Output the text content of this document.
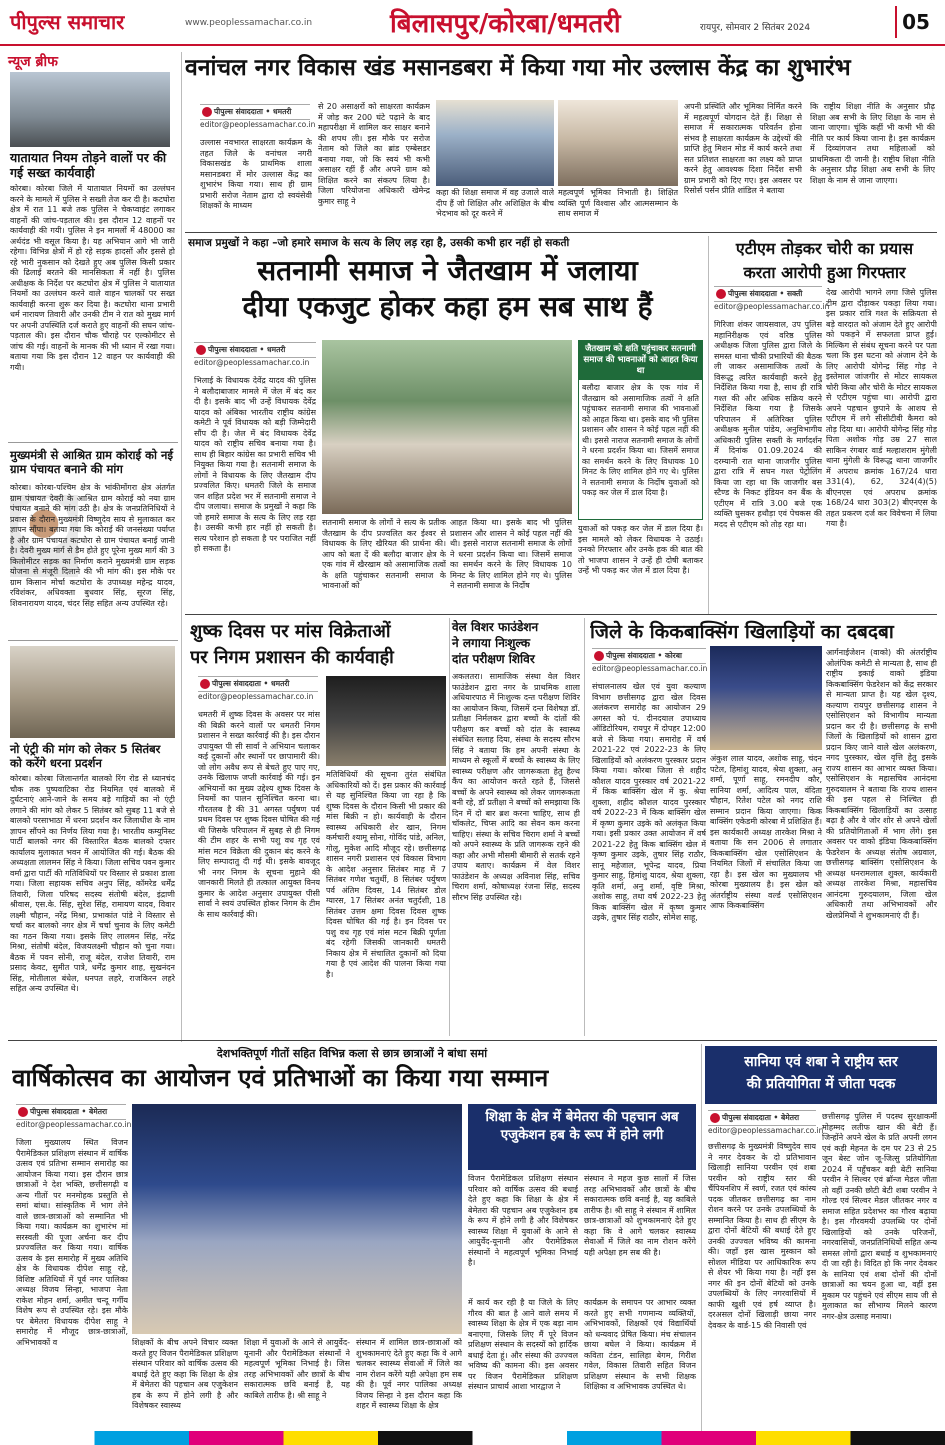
पीपुल्स समाचार	www.peoplessamachar.co.in	बिलासपुर/कोरबा/धमतरी	रायपुर, सोमवार 2 सितंबर 2024	05
न्यूज ब्रीफ
यातायात नियम तोड़ने वालों पर की गई सख्त कार्यवाही
कोरबा। कोरबा जिले में यातायात नियमों का उल्लंघन करने के मामले में पुलिस ने सख्ती तेज कर दी है। कटघोरा क्षेत्र में रात 11 बजे तक पुलिस ने चेकप्वाइंट लगाकर वाहनों की जांच-पड़ताल की। इस दौरान 12 वाहनों पर कार्यवाही की गयी। पुलिस ने इन मामलों में 48000 का अर्थदंड भी वसूल किया है। यह अभियान आगे भी जारी रहेगा। विभिन्न क्षेत्रों में हो रहे सड़क हादसों और इससे हो रहे भारी नुकसान को देखते हुए अब पुलिस किसी प्रकार की ढिलाई बरतने की मानसिकता में नहीं है। पुलिस अधीक्षक के निर्देश पर कटघोरा क्षेत्र में पुलिस ने यातायात नियमों का उल्लंघन करने वाले वाहन चालकों पर सख्त कार्यवाही करना शुरू कर दिया है। कटघोरा थाना प्रभारी धर्म नारायण तिवारी और उनकी टीम ने रात को मुख्य मार्ग पर अपनी उपस्थिति दर्ज कराते हुए वाहनों की सघन जांच-पड़ताल की। इस दौरान चौक चौराहे पर एल्कोमीटर से जांच की गई। वाहनों के मानक की भी ध्यान में रखा गया। बताया गया कि इस दौरान 12 वाहन पर कार्यवाही की गयी।
मुख्यमंत्री से आश्रित ग्राम कोराई को नई ग्राम पंचायत बनाने की मांग
कोरबा। कोरबा-पश्चिम क्षेत्र के भांकीमोंगरा क्षेत्र अंतर्गत ग्राम पंचायत देवरी के आश्रित ग्राम कोराई को नया ग्राम पंचायत बनाने की मांग उठी है। क्षेत्र के जनप्रतिनिधियों ने प्रवास के दौरान मुख्यमंत्री विष्णुदेव साय से मुलाकात कर ज्ञापन सौंपा। बताया गया कि कोराई की जनसंख्या पर्याप्त है और ग्राम पंचायत कटघोरा से ग्राम पंचायत बनाई जानी है। देवरी मुख्य मार्ग से डैम होते हुए पूरेना मुख्य मार्ग की 3 किलोमीटर सड़क का निर्माण कराने मुख्यमंत्री ग्राम सड़क योजना से मंजूरी दिलाने की भी मांग की। इस मौके पर ग्राम किसान मोर्चा कटघोरा के उपाध्यक्ष महेन्द्र यादव, रविशंकर, अधिवक्ता बुधवार सिंह, सूरज सिंह, शिवनारायण यादव, चंदर सिंह सहित अन्य उपस्थित रहे।
नो एंट्री की मांग को लेकर 5 सितंबर को करेंगे धरना प्रदर्शन
कोरबा। कोरबा जिलान्तर्गत बालको रिंग रोड से ध्यानचंद चौक तक पुष्पवाटिका रोड नियमित एवं बालको में दुर्घटनाएं आने-जाने के समय बड़े गाड़ियों का नो एंट्री लगाने की मांग को लेकर 5 सितंबर को सुबह 11 बजे से बालको परसाभाठा में धरना प्रदर्शन कर जिलाधीश के नाम ज्ञापन सौंपने का निर्णय लिया गया है। भारतीय कम्युनिस्ट पार्टी बालको नगर की विस्तारित बैठक बालको दफ्तर कार्यालय मुलाकात भवन में आयोजित की गई। बैठक की अध्यक्षता लालमन सिंह ने किया। जिला सचिव पवन कुमार वर्मा द्वारा पार्टी की गतिविधियों पर विस्तार से प्रकाश डाला गया। जिला सहायक सचिव अनुप सिंह, कॉमरेड धर्मेंद्र तिवारी, जिला परिषद सदस्य संतोषी बंदेल, इंद्राणी श्रीवास, एस.के. सिंह, सुरेश सिंह, रामायण यादव, विवार लक्ष्मी चौहान, नरेंद्र मिश्रा, प्रभाकांत पांडे ने विस्तार से चर्चा कर बालको नगर क्षेत्र में चर्चा चुनाव के लिए कमेटी का गठन किया गया। इसके लिए लालमन सिंह, नरेंद्र मिश्रा, संतोषी बंदेल, विजयलक्ष्मी चौहान को चुना गया। बैठक में पवन सोनी, राजू बंदेल, राजेश तिवारी, राम प्रसाद केवट, सुमीत पात्रे, धर्मेंद्र कुमार शाह, सुखनंदन सिंह, मोतीलाल बंधेल, धनपत लहरे, राजकिरन लहरे सहित अन्य उपस्थित थे।
वनांचल नगर विकास खंड मसानडबरा में किया गया मोर उल्लास केंद्र का शुभारंभ
पीपुल्स संवाददाता • धमतरी
editor@peoplessamachar.co.in
उल्लास नवभारत साक्षरता कार्यक्रम के तहत जिले के वनांचल नगरी विकासखंड के प्राथमिक शाला मसानडबरा में मोर उल्लास केंद्र का शुभारंभ किया गया। साथ ही ग्राम प्रभारी सरोज नेताम द्वारा दो स्वयंसेवी शिक्षकों के माध्यम
से 20 असाक्षरों को साक्षरता कार्यक्रम में जोड़ कर 200 घंटे पढ़ाने के बाद महापरीक्षा में शामिल कर साक्षर बनाने की शपथ ली। इस मौके पर सरोज नेताम को जिले का ब्रांड एम्बेसडर बनाया गया, जो कि स्वयं भी कभी असाक्षर रहीं हैं और अपने ग्राम को शिक्षित करने का संकल्प लिया है। जिला परियोजना अधिकारी खेमेन्द्र कुमार साहू ने
कहा की शिक्षा समाज में वह उजाले वाले दीप हैं जो शिक्षित और अशिक्षित के बीच भेदभाव को दूर करने में
महत्वपूर्ण भूमिका निभाती है। शिक्षित व्यक्ति पूर्ण विश्वास और आत्मसम्मान के साथ समाज में
अपनी प्रस्थिति और भूमिका निर्मित करने में महत्वपूर्ण योगदान देते हैं। शिक्षा से समाज में सकारात्मक परिवर्तन होना संभव है साक्षरता कार्यक्रम के उद्देश्यों की प्राप्ति हेतु मिशन मोड में कार्य करने तथा सत प्रतिशत साक्षरता का लक्ष्य को प्राप्त करने हेतु आवश्यक दिशा निर्देश सभी ग्राम प्रभारी को दिए गए। इस अवसर पर रिसोर्स पर्सन प्रीति शांडिल ने बताया
कि राष्ट्रीय शिक्षा नीति के अनुसार प्रौढ़ शिक्षा अब सभी के लिए शिक्षा के नाम से जाना जाएगा। चूंकि कहीं भी कभी भी की नीति पर कार्य किया जाना है। इस कार्यक्रम में दिव्यांगजन तथा महिलाओं को प्राथमिकता दी जानी है। राष्ट्रीय शिक्षा नीति के अनुसार प्रौढ़ शिक्षा अब सभी के लिए शिक्षा के नाम से जाना जाएगा।
समाज प्रमुखों ने कहा –जो हमारे समाज के सत्य के लिए लड़ रहा है, उसकी कभी हार नहीं हो सकती
सतनामी समाज ने जैतखाम में जलाया
दीया एकजुट होकर कहा हम सब साथ हैं
पीपुल्स संवाददाता • धमतरी
editor@peoplessamachar.co.in
भिलाई के विधायक देवेंद्र यादव की पुलिस ने बलौदाबाजार मामले में जेल में बंद कर दी है। इसके बाद भी उन्हें विधायक देवेंद्र यादव को अंबिका भारतीय राष्ट्रीय कांग्रेस कमेटी ने पूर्व विधायक को बड़ी जिम्मेदारी सौंप दी है। जेल में बंद विधायक देवेंद्र यादव को राष्ट्रीय सचिव बनाया गया है। साथ ही बिहार कांग्रेस का प्रभारी सचिव भी नियुक्त किया गया है। सतनामी समाज के लोगों ने विधायक के लिए जैतखाम दीप प्रज्वलित किए। धमतरी जिले के समाज जन शहित प्रदेश भर में सतनामी समाज ने दीप जलाया। समाज के प्रमुखों ने कहा कि जो हमारे समाज के सत्य के लिए लड़ रहा है। उसकी कभी हार नहीं हो सकती है। सत्य परेशान हो सकता है पर पराजित नहीं हो सकता है।
सतनामी समाज के लोगों ने सत्य के प्रतीक जैतखाम के दीप प्रज्वलित कर ईश्वर से विधायक के लिए खैरियत की प्रार्थना की। आप को बता दें की बलौदा बाजार क्षेत्र के एक गांव में खैरखाम को असामाजिक तत्वों के क्षति पहुंचाकर सतनामी समाज के भावनाओं को
आहत किया था। इसके बाद भी पुलिस प्रशासन और शासन ने कोई पहल नहीं की थी। इससे नाराज सतनामी समाज के लोगों ने धरना प्रदर्शन किया था। जिसमें समाज का समर्थन करने के लिए विधायक 10 मिनट के लिए शामिल होने गए थे। पुलिस ने सतनामी समाज के निर्दोष
जैतखाम को क्षति पहुंचाकर सतनामी समाज की भावनाओं को आहत किया था
बलौदा बाजार क्षेत्र के एक गांव में जैतखाम को असामाजिक तत्वों ने क्षति पहुंचाकर सतनामी समाज की भावनाओं को आहत किया था। इसके बाद भी पुलिस प्रशासन और शासन ने कोई पहल नहीं की थी। इससे नाराज सतनामी समाज के लोगों ने धरना प्रदर्शन किया था। जिसमें समाज का समर्थन करने के लिए विधायक 10 मिनट के लिए शामिल होने गए थे। पुलिस ने सतनामी समाज के निर्दोष युवाओं को पकड़ कर जेल में डाल दिया है।
युवाओं को पकड़ कर जेल में डाल दिया है। इस मामले को लेकर विधायक ने उठाई। उनको गिरफ्तार और उनके हक की बात की तो भाजपा शासन ने उन्हें ही दोषी बताकर उन्हें भी पकड़ कर जेल में डाल दिया है।
एटीएम तोड़कर चोरी का प्रयास
करता आरोपी हुआ गिरफ्तार
पीपुल्स संवाददाता • सक्ती
editor@peoplessamachar.co.in
गिरिजा शंकर जायसवाल, उप पुलिस महानिरीक्षक एवं वरिष्ठ पुलिस अधीक्षक जिला पुलिस द्वारा जिले के समस्त थाना चौकी प्रभारियों की बैठक ली जाकर असामाजिक तत्वों के विरूद्ध त्वरित कार्यवाही करने हेतु निर्देशित किया गया है, साथ ही रात्रि गश्त की और अधिक सक्रिय करने निर्देशित किया गया है जिसके परिपालन में अतिरिक्त पुलिस अधीक्षक मुनील पांडेय, अनुविभागीय अधिकारी पुलिस सक्ती के मार्गदर्शन में दिनांक 01.09.2024 की दरम्यानी रात थाना जाजगीर पुलिस द्वारा रात्रि में सघन गश्त पेट्रोलिंग किया जा रहा था कि जाजगीर बस स्टैण्ड के निकट इंडियन वन बैंक के एटीएम में रात्रि 3.00 बजे एक व्यक्ति घुसकर हथौड़ा एवं पेचकस की मदद से एटीएम को तोड़ रहा था।
देख आरोपी भागने लगा जिसे पुलिस टीम द्वारा दौड़ाकर पकड़ा लिया गया। इस प्रकार रात्रि गश्त के सक्रियता से बड़े वारदात को अंजाम देते हुए आरोपी को पकड़ने में सफलता प्राप्त हुई। मिल्किग से संबंध सूचना करने पर पता चला कि इस घटना को अंजाम देने के लिए आरोपी योगेन्द्र सिंह गोड़ ने इस्तेमाल जांजगीर से मोटर सायकल चोरी किया और चोरी के मोटर सायकल से एटीएम पहुंचा था। आरोपी द्वारा अपने पहचान छुपाने के आशय से एटीएम में लगे सीसीटीवी कैमरा को तोड़ दिया था। आरोपी योगेन्द्र सिंह गोड़ पिता अशोक गोड़ उम्र 27 साल साकिन रंगबार वार्ड मल्हाशराम मुंगेली थाना मुंगेली के विरूद्ध थाना जाजगीर में अपराध क्रमांक 167/24 धारा 331(4), 62, 324(4)(5) बीएनएस एवं अपराध क्रमांक 168/24 धारा 303(2) बीएनएस के तहत प्रकरण दर्ज कर विवेचना में लिया गया है।
शुष्क दिवस पर मांस विक्रेताओं
पर निगम प्रशासन की कार्यवाही
पीपुल्स संवाददाता • धमतरी
editor@peoplessamachar.co.in
धमतरी में शुष्क दिवस के अवसर पर मांस की बिक्री करने वालों पर धमतरी निगम प्रशासन ने सख्त कार्रवाई की है। इस दौरान उपायुक्त पी सी सार्वा ने अभियान चलाकर कई दुकानों और स्थानों पर छापामारी की। जो लोग अवैध रूप से बेचते हुए पाए गए, उनके खिलाफ जप्ती कार्रवाई की गई। इन अभियानों का मुख्य उद्देश्य शुष्क दिवस के नियमों का पालन सुनिश्चित करना था। गौरतलब है की 31 अगस्त पर्युषण पर्व प्रथम दिवस पर शुष्क दिवस घोषित की गई थी जिसके परिपालन में सुबह से ही निगम की टीम शहर के सभी पशु वध गृह एवं मांस मटन विक्रेता की दुकान बंद करने के लिए सम्पादातु दी गई थी। इसके बावजूद भी नगर निगम के सूचना मुहाने की जानकारी मिलते ही तत्काल आयुक्त विनय कुमार के आदेश अनुसार उपायुक्त पीसी सार्वा ने स्वयं उपस्थित होकर निगम के टीम के साथ कार्रवाई की।
मतिविधियों की सूचना तुरंत संबंधित अधिकारियों को दें। इस प्रकार की कार्रवाई से यह सुनिश्चित किया जा रहा है कि शुष्क दिवस के दौरान किसी भी प्रकार की मांस बिक्री न हो। कार्यवाही के दौरान स्वास्थ्य अधिकारी शेर खान, निगम कर्मचारी श्यामू सोना, गोविंद पांडे, अनिल, गोलू, मुकेश आदि मौजूद रहे। छत्तीसगढ़ शासन नगरी प्रशासन एवं विकास विभाग के आदेश अनुसार सितंबर माह में 7 सितंबर गणेश चतुर्थी, 8 सितंबर पर्युषण पर्व अंतिम दिवस, 14 सितंबर डोल ग्यारस, 17 सितंबर अनंत चतुर्दशी, 18 सितंबर उत्तम क्षमा दिवस दिवस शुष्क दिवस घोषित की गई है। इन दिवस पर पशु वध गृह एवं मांस मटन बिक्री पूर्णता बंद रहेगी जिसकी जानकारी धमतरी निकाय क्षेत्र में संचालित दुकानों को दिया गया है एवं आदेश की पालना किया गया है।
वेल विशर फाउंडेशन
ने लगाया निःशुल्क
दांत परीक्षण शिविर
अकलतरा। सामाजिक संस्था वेल विशर फाउंडेशन द्वारा नगर के प्राथमिक शाला अधियारपाठ में निःशुल्क दन्त परीक्षण शिविर का आयोजन किया, जिसमें दन्त विशेषज्ञ डॉ. प्रतीक्षा निर्मलकर द्वारा बच्चों के दांतों की परीक्षण कर बच्चों को दांत के स्वास्थ्य संबंधित सलाह दिया, संस्था के सदस्य सौरभ सिंह ने बताया कि हम अपनी संस्था के माध्यम से स्कूलों में बच्चों के स्वास्थ्य के लिए स्वास्थ्य परीक्षण और जागरूकता हेतु हैल्थ कैंप का आयोजन करते रहते हैं, जिससे बच्चों के अपने स्वास्थ्य को लेकर जागरूकता बनी रहे, डॉ प्रतीक्षा ने बच्चों को समझाया कि दिन में दो बार ब्रश करना चाहिए, साथ ही चॉकलेट, चिप्स आदि का सेवन कम करना चाहिए। संस्था के सचिव चिराग शर्मा ने बच्चों को अपने स्वास्थ्य के प्रति जागरूक रहने की कहा और अभी मौसमी बीमारी से सतर्क रहने उपाय बताए। कार्यक्रम में वेल विशर फाउंडेशन के अध्यक्ष अविनाश सिंह, सचिव चिराग शर्मा, कोषाध्यक्ष रंजना सिंह, सदस्य सौरभ सिंह उपस्थित रहे।
जिले के किकबाक्सिंग खिलाड़ियों का दबदबा
पीपुल्स संवाददाता • कोरबा
editor@peoplessamachar.co.in
संचालनालय खेल एवं युवा कल्याण विभाग छत्तीसगढ़ द्वारा खेल दिवस अलंकरण समारोह का आयोजन 29 अगस्त को पं. दीनदयाल उपाध्याय ऑडिटोरियम, रायपुर में दोपहर 12:00 बजे से किया गया। समारोह में वर्ष 2021-22 एवं 2022-23 के लिए खिलाड़ियों को अलंकरण पुरस्कार प्रदान किया गया। कोरबा जिला से शहीद कौशल यादव पुरस्कार वर्ष 2021-22 में किक बाक्सिंग खेल में कु. श्रेया शुक्ला, शहीद कौशल यादव पुरस्कार वर्ष 2022-23 में किक बाक्सिंग खेल में कृष्ण कुमार उइके को अलंकृत किया गया। इसी प्रकार उक्त आयोजन में वर्ष 2021-22 हेतु किक बाक्सिंग खेल में कृष्ण कुमार उइके, तुषार सिंह राठौर, सानू महेजाल, भूपेन्द्र यादव, प्रिया कुमार साहू, हिमांशु यादव, श्रेया शुक्ला, कृति शर्मा, अनु शर्मा, वृष्टि मिश्रा, अशोक साहू, तथा वर्ष 2022-23 हेतु किक बाक्सिंग खेल में कृष्ण कुमार उइके, तुषार सिंह राठौर, सोमेश साहू,
अंकुश लाल यादव, अशोक साहू, चंदन पटेल, हिमांशु यादव, श्रेया शुक्ला, अनु शर्मा, पूर्णा साहू, रमनदीप कौर, सानिया शर्मा, आदित्य पाल, वंदिता चौहान, रितेश पटेल को नगद राशि सम्मान प्रदान किया जाएगा। किक बाक्सिंग एकेडमी कोरबा में प्रशिक्षित हैं। इस कार्यकारी अध्यक्ष तारकेश मिश्रा ने बताया कि सन 2006 से लगातार किकबाक्सिंग खेल एसोसिएशन के नियमित जिलों में संचालित किया जा रहा है। इस खेल का मुख्यालय भी कोरबा मुख्यालय है। इस खेल को अंतर्राष्ट्रीय संस्था वर्ल्ड एसोसिएशन आफ किकबाक्सिंग
आर्गनाईजेशन (वाको) की अंतर्राष्ट्रीय ओलंपिक कमेटी से मान्यता है, साथ ही राष्ट्रीय इकाई वाको इंडिया किकबाक्सिंग फेडरेशन को केंद्र सरकार से मान्यता प्राप्त है। यह खेल दृश्य, कल्याण रायपुर छत्तीसगढ़ शासन ने एसोसिएशन को विभागीय मान्यता प्रदान कर दी है। छत्तीसगढ़ के सभी जिलों के खिलाड़ियों को शासन द्वारा प्रदान किए जाने वाले खेल अलंकरण, नगद पुरस्कार, खेल वृत्ति हेतु इसके राज्य शासन का आभार व्यक्त किया। एसोसिएशन के महासचिव आनंदमा गुरुदयालम ने बताया कि राज्य शासन की इस पहल से निश्चित ही किकबाक्सिंग खिलाड़ियों का उत्साह बढ़ा है और वे जोर शोर से अपने खेलों की प्रतियोगिताओं में भाग लेंगे। इस अवसर पर वाको इंडिया किकबाक्सिंग फेडरेशन के अध्यक्ष संतोष अग्रवाल, छत्तीसगढ़ बाक्सिंग एसोसिएशन के अध्यक्ष धनरामलाल शुक्ल, कार्यकारी अध्यक्ष तारकेश मिश्रा, महासचिव आनंदमा गुरुदयालम, जिला खेल अधिकारी तथा अभिभावकों और खेलप्रेमियों ने शुभकामनाएं दी हैं।
देशभक्तिपूर्ण गीतों सहित विभिन्न कला से छात्र छात्राओं ने बांधा समां
वार्षिकोत्सव का आयोजन एवं प्रतिभाओं का किया गया सम्मान
पीपुल्स संवाददाता • बेमेतरा
editor@peoplessamachar.co.in
जिला मुख्यालय स्थित विजन पैरामेडिकल प्रशिक्षण संस्थान में वार्षिक उत्सव एवं प्रतिभा सम्मान समारोह का आयोजन किया गया। इस दौरान छात्र छात्राओं ने देश भक्ति, छत्तीसगढ़ी व अन्य गीतों पर मनमोहक प्रस्तुति से समां बांधा। सांस्कृतिक में भाग लेने वाले छात्र-छात्राओं को सम्मानित भी किया गया। कार्यक्रम का शुभारंभ मां सरस्वती की पूजा अर्चना कर दीप प्रज्ज्वलित कर किया गया। वार्षिक उत्सव के इस समारोह में मुख्य अतिथि क्षेत्र के विधायक दीपेश साहू रहे, विशिष्ट अतिथियों में पूर्व नगर पालिका अध्यक्ष विजय सिन्हा, भाजपा नेता राकेश मोहन शर्मा, अमीत चन्दू गर्गीय विशेष रूप से उपस्थित रहे। इस मौके पर बेमेतरा विधायक दीपेश साहू ने समारोह में मौजूद छात्र-छात्राओं, अभिभावकों व	शिक्षकों के बीच अपने विचार व्यक्त करते हुए विजन पैरामेडिकल प्रशिक्षण संस्थान परिवार को वार्षिक उत्सव की बधाई देते हुए कहा कि शिक्षा के क्षेत्र में बेमेतरा की पहचान अब एजुकेशन हब के रूप में होने लगी है और विशेषकर स्वास्थ्य
शिक्षा में युवाओं के आने से आयुर्वेद-यूनानी और पैरामेडिकल संस्थानों ने महत्वपूर्ण भूमिका निभाई है। जिस तरह अभिभावकों और छात्रों के बीच सकारात्मक छवि बनाई है, यह काबिले तारीफ है। श्री साहू ने
संस्थान में शामिल छात्र-छात्राओं को शुभकामनाएं देते हुए कहा कि वे आगे चलकर स्वास्थ्य सेवाओं में जिले का नाम रोशन करेंगे यही अपेक्षा हम सब की है। पूर्व नगर पालिका अध्यक्ष विजय सिन्हा ने इस दौरान कहा कि शहर में स्वास्थ्य शिक्षा के क्षेत्र
शिक्षा के क्षेत्र में बेमेतरा की पहचान अब एजुकेशन हब के रूप में होने लगी
विजन पैरामेडिकल प्रशिक्षण संस्थान परिवार को वार्षिक उत्सव की बधाई देते हुए कहा कि शिक्षा के क्षेत्र में बेमेतरा की पहचान अब एजुकेशन हब के रूप में होने लगी है और विशेषकर स्वास्थ्य शिक्षा में युवाओं के आने से आयुर्वेद-यूनानी और पैरामेडिकल संस्थानों ने महत्वपूर्ण भूमिका निभाई है।
संस्थान ने महज कुछ सालों में जिस तरह अभिभावकों और छात्रों के बीच सकारात्मक छवि बनाई है, यह काबिले तारीफ है। श्री साहू ने संस्थान में शामिल छात्र-छात्राओं को शुभकामनाएं देते हुए कहा कि वे आगे चलकर स्वास्थ्य सेवाओं में जिले का नाम रोशन करेंगे यही अपेक्षा हम सब की है।
में कार्य कर रही है या जिले के लिए गौरव की बात है आने वाले समय में स्वास्थ्य शिक्षा के क्षेत्र में एक बड़ा नाम बनाएगा, जिसके लिए मैं पूरे विजन प्रशिक्षण संस्थान के सदस्यों को हार्दिक बधाई देता हूं। और संस्था की उज्ज्वल भविष्य की कामना की। इस अवसर पर विजन पैरामेडिकल प्रशिक्षण संस्थान प्राचार्य आशा भारद्वाज ने
कार्यक्रम के समापन पर आभार व्यक्त करते हुए सभी गणमान्य व्यक्तियों, अभिभावकों, शिक्षकों एवं विद्यार्थियों को धन्यवाद प्रेषित किया। मंच संचालन छाया बघेल ने किया। कार्यक्रम में कविता टंडन, सालिहा बेगम, गिरीश गवेल, विकास तिवारी सहित विजन प्रशिक्षण संस्थान के सभी शिक्षक शिक्षिका व अभिभावक उपस्थित थे।
सानिया एवं शबा ने राष्ट्रीय स्तर
की प्रतियोगिता में जीता पदक
पीपुल्स संवाददाता • बेमेतरा
editor@peoplessamachar.co.in
छत्तीसगढ़ के मुख्यमंत्री विष्णुदेव साय ने नगर देवकर के दो प्रतिभावान खिलाड़ी सानिया परवीन एवं शबा परवीन को राष्ट्रीय स्तर की चैंपियनशिप में स्वर्ण, रजत एवं कांस्य पदक जीतकर छत्तीसगढ़ का नाम रोशन करने पर उनके उपलब्धियों के सम्मानित किया है। साथ ही सीएम के द्वारा दोनों बेटियों की बधाई देते हुए उनकी उज्ज्वल भविष्य की कामना की। जहाँ इस खास मुस्कान को सोशल मीडिया पर आधिकारिक रूप से शेयर भी किया गया है। नहीं इस नगर की इन दोनों बेटियों को उनके उपलब्धियों के लिए नगरवासियों में काफी खुशी एवं हर्ष व्याप्त है। दरअसल दोनों खिलाड़ी छाया नगर देवकर के वार्ड-15 की निवासी एवं
छत्तीसगढ़ पुलिस में पदस्थ सुरक्षाकर्मी मोहम्मद लतीफ खान की बेटी हैं। जिन्होंने अपने खेल के प्रति अपनी लगन एवं कड़ी मेहनत के दम पर 23 से 25 जून बेस्ट जोन जू-जित्सु प्रतियोगिता 2024 में पहुँचकर बड़ी बेटी सानिया परवीन ने सिल्वर एवं ब्रॉन्ज मेडल जीता तो वहीं उनकी छोटी बेटी शबा परवीन ने गोल्ड एवं सिल्वर मेडल जीतकर नगर व समाज सहित प्रदेशभर का गौरव बढ़ाया है। इस गौरवमयी उपलब्धि पर दोनों खिलाड़ियों को उनके परिजनों, नगरवासियों, जनप्रतिनिधियों सहित अन्य समस्त लोगों द्वारा बधाई व शुभकामनाएं दी जा रही है। विदित हो कि नगर देवकर के सानिया एवं शबा दोनों की दोनों छात्राओं का चयन हुआ था, वहीं इस मुकाम पर पहुंचने एवं सीएम साय जी से मुलाकात का सौभाग्य मिलने कारण नगर-क्षेत्र उत्साह मनाया।
